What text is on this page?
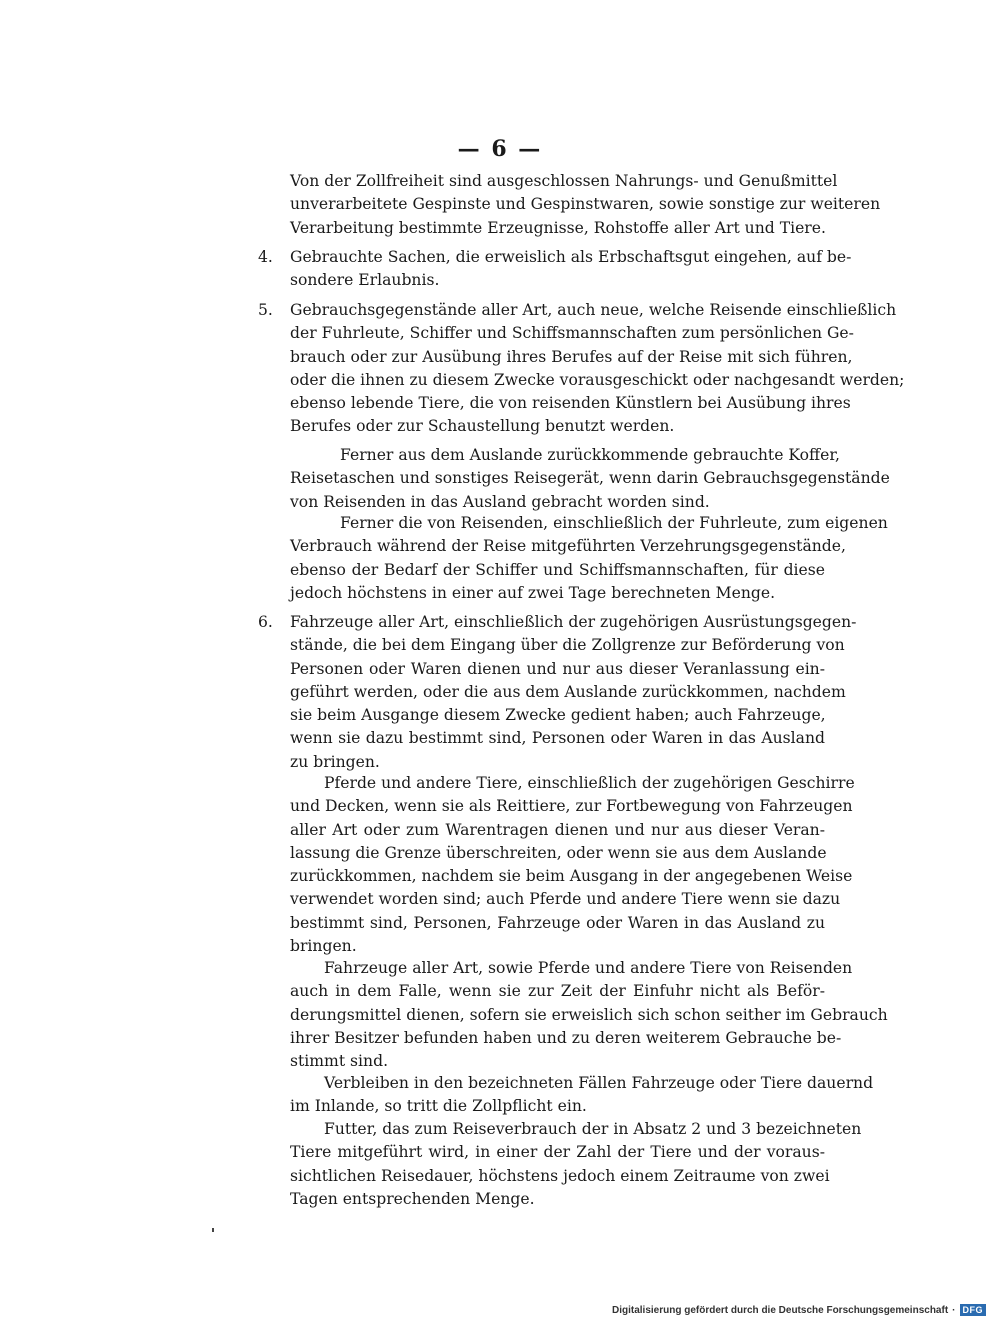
— 6 —
Von der Zollfreiheit sind ausgeschlossen Nahrungs- und Genußmittel
unverarbeitete Gespinste und Gespinstwaren, sowie sonstige zur weiteren
Verarbeitung bestimmte Erzeugnisse, Rohstoffe aller Art und Tiere.
4. Gebrauchte Sachen, die erweislich als Erbschaftsgut eingehen, auf be-
sondere Erlaubnis.
5. Gebrauchsgegenstände aller Art, auch neue, welche Reisende einschließlich
der Fuhrleute, Schiffer und Schiffsmannschaften zum persönlichen Ge-
brauch oder zur Ausübung ihres Berufes auf der Reise mit sich führen,
oder die ihnen zu diesem Zwecke vorausgeschickt oder nachgesandt werden;
ebenso lebende Tiere, die von reisenden Künstlern bei Ausübung ihres
Berufes oder zur Schaustellung benutzt werden.
Ferner aus dem Auslande zurückkommende gebrauchte Koffer,
Reisetaschen und sonstiges Reisegerät, wenn darin Gebrauchsgegenstände
von Reisenden in das Ausland gebracht worden sind.
Ferner die von Reisenden, einschließlich der Fuhrleute, zum eigenen
Verbrauch während der Reise mitgeführten Verzehrungsgegenstände,
ebenso der Bedarf der Schiffer und Schiffsmannschaften, für diese
jedoch höchstens in einer auf zwei Tage berechneten Menge.
6. Fahrzeuge aller Art, einschließlich der zugehörigen Ausrüstungsgegen-
stände, die bei dem Eingang über die Zollgrenze zur Beförderung von
Personen oder Waren dienen und nur aus dieser Veranlassung ein-
geführt werden, oder die aus dem Auslande zurückkommen, nachdem
sie beim Ausgange diesem Zwecke gedient haben; auch Fahrzeuge,
wenn sie dazu bestimmt sind, Personen oder Waren in das Ausland
zu bringen.
Pferde und andere Tiere, einschließlich der zugehörigen Geschirre
und Decken, wenn sie als Reittiere, zur Fortbewegung von Fahrzeugen
aller Art oder zum Warentragen dienen und nur aus dieser Veran-
lassung die Grenze überschreiten, oder wenn sie aus dem Auslande
zurückkommen, nachdem sie beim Ausgang in der angegebenen Weise
verwendet worden sind; auch Pferde und andere Tiere wenn sie dazu
bestimmt sind, Personen, Fahrzeuge oder Waren in das Ausland zu
bringen.
Fahrzeuge aller Art, sowie Pferde und andere Tiere von Reisenden
auch in dem Falle, wenn sie zur Zeit der Einfuhr nicht als Beför-
derungsmittel dienen, sofern sie erweislich sich schon seither im Gebrauch
ihrer Besitzer befunden haben und zu deren weiterem Gebrauche be-
stimmt sind.
Verbleiben in den bezeichneten Fällen Fahrzeuge oder Tiere dauernd
im Inlande, so tritt die Zollpflicht ein.
Futter, das zum Reiseverbrauch der in Absatz 2 und 3 bezeichneten
Tiere mitgeführt wird, in einer der Zahl der Tiere und der voraus-
sichtlichen Reisedauer, höchstens jedoch einem Zeitraume von zwei
Tagen entsprechenden Menge.
Digitalisierung gefördert durch die Deutsche Forschungsgemeinschaft · DFG
